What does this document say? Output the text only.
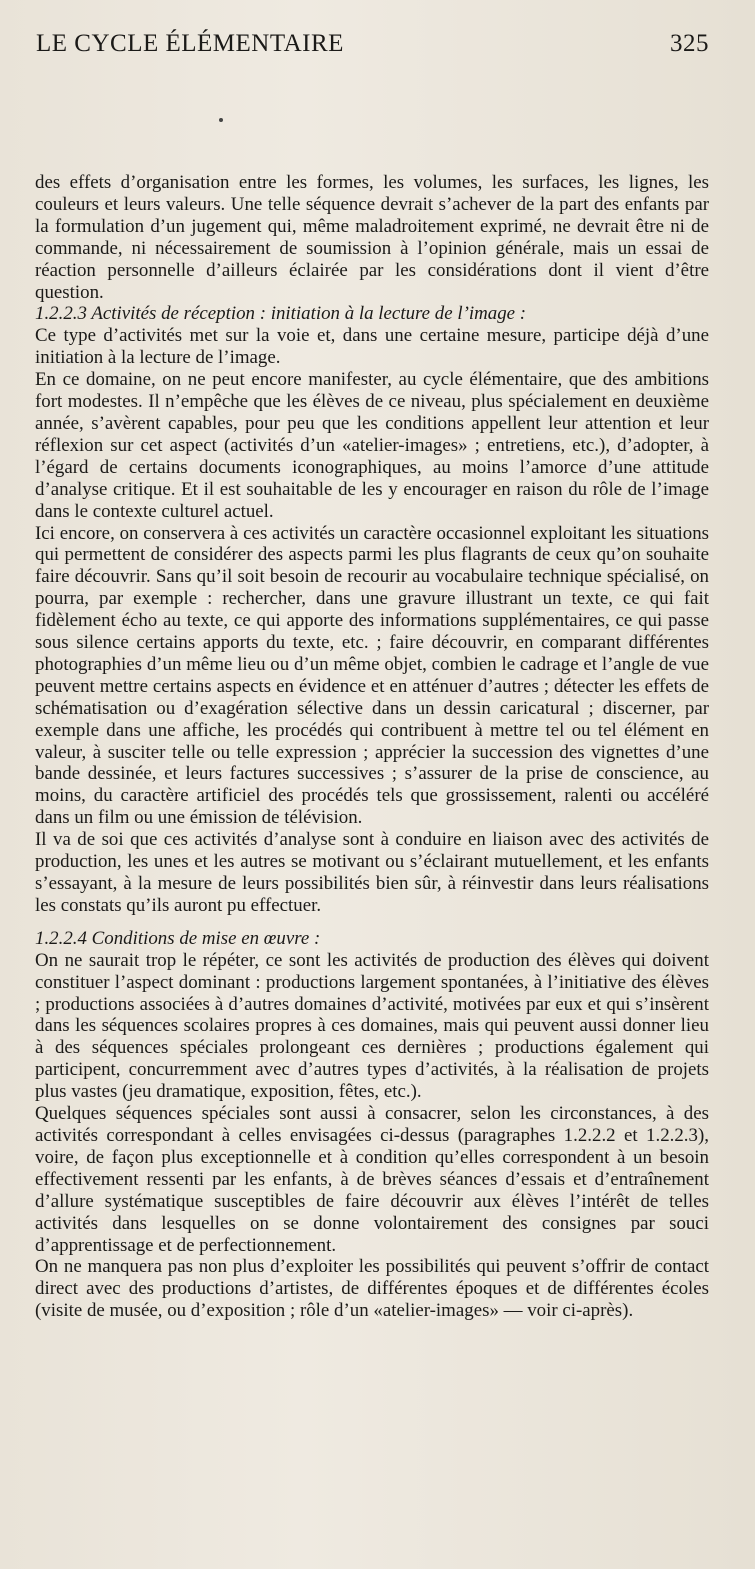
LE CYCLE ÉLÉMENTAIRE	325

des effets d’organisation entre les formes, les volumes, les surfaces, les lignes, les couleurs et leurs valeurs. Une telle séquence devrait s’achever de la part des enfants par la formulation d’un jugement qui, même maladroitement exprimé, ne devrait être ni de commande, ni nécessairement de soumission à l’opinion générale, mais un essai de réaction personnelle d’ailleurs éclairée par les considérations dont il vient d’être question.

1.2.2.3 Activités de réception : initiation à la lecture de l’image :

Ce type d’activités met sur la voie et, dans une certaine mesure, participe déjà d’une initiation à la lecture de l’image.

En ce domaine, on ne peut encore manifester, au cycle élémentaire, que des ambitions fort modestes. Il n’empêche que les élèves de ce niveau, plus spécialement en deuxième année, s’avèrent capables, pour peu que les conditions appellent leur attention et leur réflexion sur cet aspect (activités d’un «atelier-images» ; entretiens, etc.), d’adopter, à l’égard de certains documents iconographiques, au moins l’amorce d’une attitude d’analyse critique. Et il est souhaitable de les y encourager en raison du rôle de l’image dans le contexte culturel actuel.

Ici encore, on conservera à ces activités un caractère occasionnel exploitant les situations qui permettent de considérer des aspects parmi les plus flagrants de ceux qu’on souhaite faire découvrir. Sans qu’il soit besoin de recourir au vocabulaire technique spécialisé, on pourra, par exemple : rechercher, dans une gravure illustrant un texte, ce qui fait fidèlement écho au texte, ce qui apporte des informations supplémentaires, ce qui passe sous silence certains apports du texte, etc. ; faire découvrir, en comparant différentes photographies d’un même lieu ou d’un même objet, combien le cadrage et l’angle de vue peuvent mettre certains aspects en évidence et en atténuer d’autres ; détecter les effets de schématisation ou d’exagération sélective dans un dessin caricatural ; discerner, par exemple dans une affiche, les procédés qui contribuent à mettre tel ou tel élément en valeur, à susciter telle ou telle expression ; apprécier la succession des vignettes d’une bande dessinée, et leurs factures successives ; s’assurer de la prise de conscience, au moins, du caractère artificiel des procédés tels que grossissement, ralenti ou accéléré dans un film ou une émission de télévision.

Il va de soi que ces activités d’analyse sont à conduire en liaison avec des activités de production, les unes et les autres se motivant ou s’éclairant mutuellement, et les enfants s’essayant, à la mesure de leurs possibilités bien sûr, à réinvestir dans leurs réalisations les constats qu’ils auront pu effectuer.

1.2.2.4 Conditions de mise en œuvre :

On ne saurait trop le répéter, ce sont les activités de production des élèves qui doivent constituer l’aspect dominant : productions largement spontanées, à l’initiative des élèves ; productions associées à d’autres domaines d’activité, motivées par eux et qui s’insèrent dans les séquences scolaires propres à ces domaines, mais qui peuvent aussi donner lieu à des séquences spéciales prolongeant ces dernières ; productions également qui participent, concurremment avec d’autres types d’activités, à la réalisation de projets plus vastes (jeu dramatique, exposition, fêtes, etc.).

Quelques séquences spéciales sont aussi à consacrer, selon les circonstances, à des activités correspondant à celles envisagées ci-dessus (paragraphes 1.2.2.2 et 1.2.2.3), voire, de façon plus exceptionnelle et à condition qu’elles correspondent à un besoin effectivement ressenti par les enfants, à de brèves séances d’essais et d’entraînement d’allure systématique susceptibles de faire découvrir aux élèves l’intérêt de telles activités dans lesquelles on se donne volontairement des consignes par souci d’apprentissage et de perfectionnement.

On ne manquera pas non plus d’exploiter les possibilités qui peuvent s’offrir de contact direct avec des productions d’artistes, de différentes époques et de différentes écoles (visite de musée, ou d’exposition ; rôle d’un «atelier-images» — voir ci-après).
